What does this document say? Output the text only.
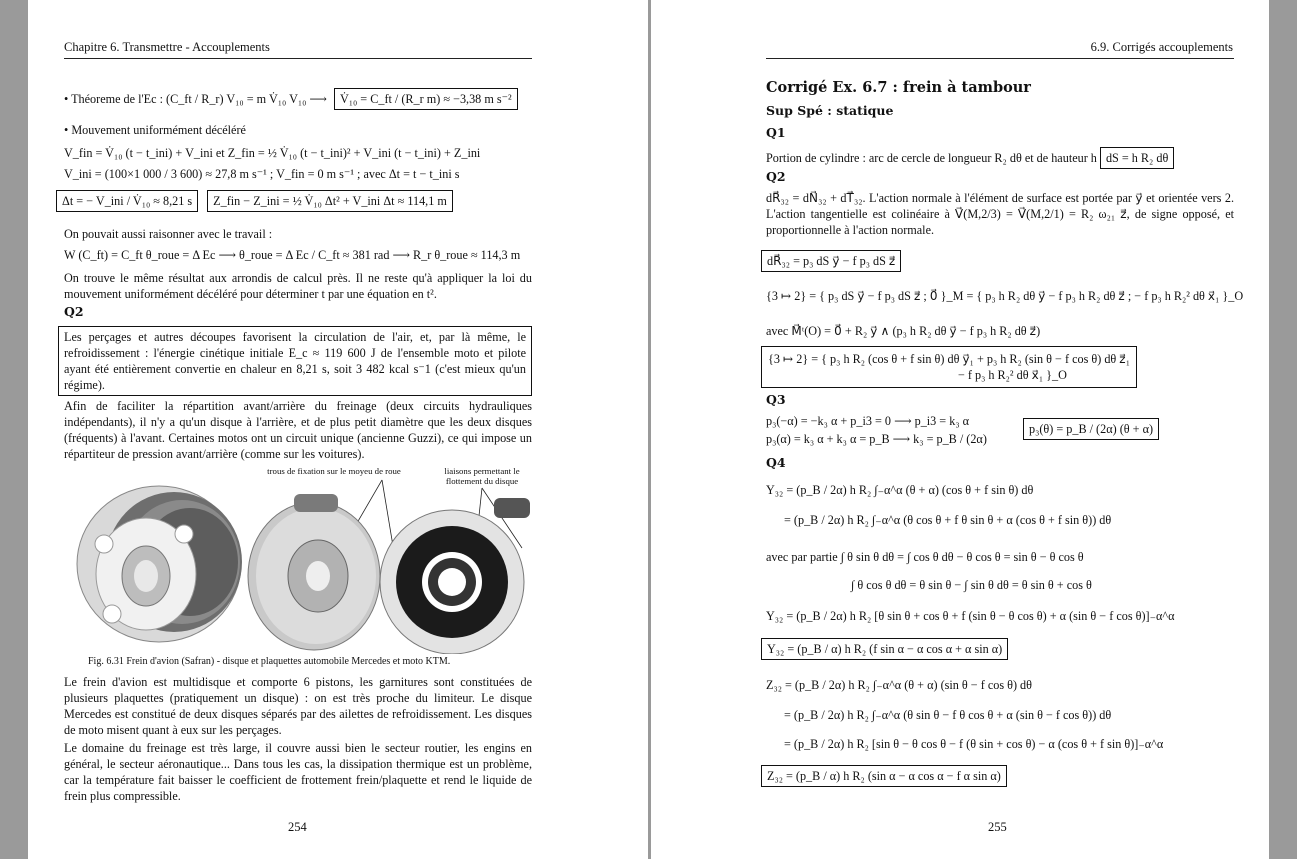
Chapitre 6. Transmettre - Accouplements
• Théoreme de l'Ec : (C_ft / R_r) V₁₀ = m V̇₁₀ V₁₀ ⟶ V̇₁₀ = C_ft / (R_r m) ≈ −3,38 m s⁻²
• Mouvement uniformément décéléré
V_fin = V̇₁₀ (t − t_ini) + V_ini et Z_fin = ½ V̇₁₀ (t − t_ini)² + V_ini (t − t_ini) + Z_ini
V_ini = (100×1 000 / 3 600) ≈ 27,8 m s⁻¹ ; V_fin = 0 m s⁻¹ ; avec Δt = t − t_ini s
Δt = − V_ini / V̇₁₀ ≈ 8,21 s Z_fin − Z_ini = ½ V̇₁₀ Δt² + V_ini Δt ≈ 114,1 m
On pouvait aussi raisonner avec le travail :
W (C_ft) = C_ft θ_roue = Δ Ec ⟶ θ_roue = Δ Ec / C_ft ≈ 381 rad ⟶ R_r θ_roue ≈ 114,3 m
On trouve le même résultat aux arrondis de calcul près. Il ne reste qu'à appliquer la loi du mouvement uniformément décéléré pour déterminer t par une équation en t².
Q2
Les perçages et autres découpes favorisent la circulation de l'air, et, par là même, le refroidissement : l'énergie cinétique initiale E_c ≈ 119 600 J de l'ensemble moto et pilote ayant été entièrement convertie en chaleur en 8,21 s, soit 3 482 kcal s⁻1 (c'est mieux qu'un régime).
Afin de faciliter la répartition avant/arrière du freinage (deux circuits hydrauliques indépendants), il n'y a qu'un disque à l'arrière, et de plus petit diamètre que les deux disques (fréquents) à l'avant. Certaines motos ont un circuit unique (ancienne Guzzi), ce qui impose un répartiteur de pression avant/arrière (comme sur les voitures).
trous de fixation sur le moyeu de roue	liaisons permettant le flottement du disque
Fig. 6.31 Frein d'avion (Safran) - disque et plaquettes automobile Mercedes et moto KTM.
Le frein d'avion est multidisque et comporte 6 pistons, les garnitures sont constituées de plusieurs plaquettes (pratiquement un disque) : on est très proche du limiteur. Le disque Mercedes est constitué de deux disques séparés par des ailettes de refroidissement. Les disques de moto misent quant à eux sur les perçages.
Le domaine du freinage est très large, il couvre aussi bien le secteur routier, les engins en général, le secteur aéronautique... Dans tous les cas, la dissipation thermique est un problème, car la température fait baisser le coefficient de frottement frein/plaquette et rend le liquide de frein plus compressible.
254
6.9. Corrigés accouplements
Corrigé Ex. 6.7 : frein à tambour
Sup Spé : statique
Q1
Portion de cylindre : arc de cercle de longueur R₂ dθ et de hauteur h dS = h R₂ dθ
Q2
dR⃗₃₂ = dN⃗₃₂ + dT⃗₃₂. L'action normale à l'élément de surface est portée par y⃗ et orientée vers 2. L'action tangentielle est colinéaire à V⃗(M,2/3) = V⃗(M,2/1) = R₂ ω₂₁ z⃗, de signe opposé, et proportionnelle à l'action normale.
dR⃗₃₂ = p₃ dS y⃗ − f p₃ dS z⃗
{3 ↦ 2} = { p₃ dS y⃗ − f p₃ dS z⃗ ; 0⃗ }_M = { p₃ h R₂ dθ y⃗ − f p₃ h R₂ dθ z⃗ ; − f p₃ h R₂² dθ x⃗₁ }_O
avec M⃗ᵗ(O) = 0⃗ + R₂ y⃗ ∧ (p₃ h R₂ dθ y⃗ − f p₃ h R₂ dθ z⃗)
{3 ↦ 2} = { p₃ h R₂ (cos θ + f sin θ) dθ y⃗₁ + p₃ h R₂ (sin θ − f cos θ) dθ z⃗₁
− f p₃ h R₂² dθ x⃗₁ }_O
Q3
p₃(−α) = −k₃ α + p_i3 = 0 ⟶ p_i3 = k₃ α
p₃(α) = k₃ α + k₃ α = p_B ⟶ k₃ = p_B / (2α)
p₃(θ) = p_B / (2α) (θ + α)
Q4
Y₃₂ = (p_B / 2α) h R₂ ∫₋α^α (θ + α) (cos θ + f sin θ) dθ
= (p_B / 2α) h R₂ ∫₋α^α (θ cos θ + f θ sin θ + α (cos θ + f sin θ)) dθ
avec par partie ∫ θ sin θ dθ = ∫ cos θ dθ − θ cos θ = sin θ − θ cos θ
∫ θ cos θ dθ = θ sin θ − ∫ sin θ dθ = θ sin θ + cos θ
Y₃₂ = (p_B / 2α) h R₂ [θ sin θ + cos θ + f (sin θ − θ cos θ) + α (sin θ − f cos θ)]₋α^α
Y₃₂ = (p_B / α) h R₂ (f sin α − α cos α + α sin α)
Z₃₂ = (p_B / 2α) h R₂ ∫₋α^α (θ + α) (sin θ − f cos θ) dθ
= (p_B / 2α) h R₂ ∫₋α^α (θ sin θ − f θ cos θ + α (sin θ − f cos θ)) dθ
= (p_B / 2α) h R₂ [sin θ − θ cos θ − f (θ sin + cos θ) − α (cos θ + f sin θ)]₋α^α
Z₃₂ = (p_B / α) h R₂ (sin α − α cos α − f α sin α)
255
